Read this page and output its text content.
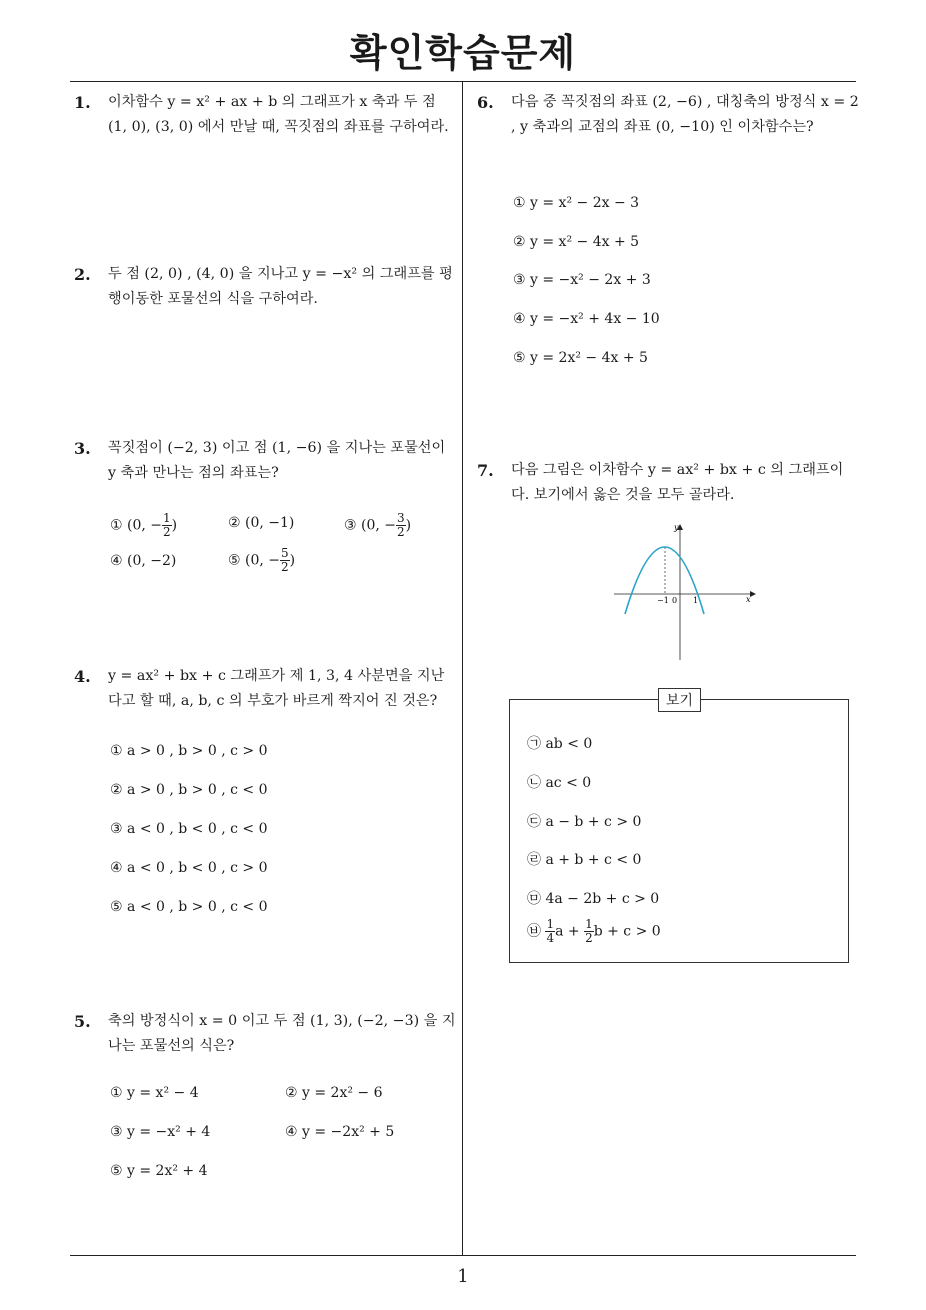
확인학습문제
1
1. 이차함수 y = x² + ax + b 의 그래프가 x 축과 두 점 (1, 0), (3, 0) 에서 만날 때, 꼭짓점의 좌표를 구하여라.
2. 두 점 (2, 0) , (4, 0) 을 지나고 y = −x² 의 그래프를 평행이동한 포물선의 식을 구하여라.
3. 꼭짓점이 (−2, 3) 이고 점 (1, −6) 을 지나는 포물선이 y 축과 만나는 점의 좌표는?
① (0, − $\frac{1}{2}$ )	② (0, −1)	③ (0, − $\frac{3}{2}$ )
④ (0, −2)	⑤ (0, − $\frac{5}{2}$ )
4. y = ax² + bx + c 그래프가 제 1, 3, 4 사분면을 지난다고 할 때, a, b, c 의 부호가 바르게 짝지어 진 것은?
① a > 0 , b > 0 , c > 0
② a > 0 , b > 0 , c < 0
③ a < 0 , b < 0 , c < 0
④ a < 0 , b < 0 , c > 0
⑤ a < 0 , b > 0 , c < 0
5. 축의 방정식이 x = 0 이고 두 점 (1, 3), (−2, −3) 을 지나는 포물선의 식은?
① y = x² − 4	② y = 2x² − 6
③ y = −x² + 4	④ y = −2x² + 5
⑤ y = 2x² + 4
6. 다음 중 꼭짓점의 좌표 (2, −6) , 대칭축의 방정식 x = 2 , y 축과의 교점의 좌표 (0, −10) 인 이차함수는?
① y = x² − 2x − 3
② y = x² − 4x + 5
③ y = −x² − 2x + 3
④ y = −x² + 4x − 10
⑤ y = 2x² − 4x + 5
7. 다음 그림은 이차함수 y = ax² + bx + c 의 그래프이다. 보기에서 옳은 것을 모두 골라라.
y
x
−1 0 1
보기
㉠ ab < 0
㉡ ac < 0
㉢ a − b + c > 0
㉣ a + b + c < 0
㉤ 4a − 2b + c > 0
㉥ $\frac{1}{4}$ $a + \frac{1}{2}$ b + c > 0
